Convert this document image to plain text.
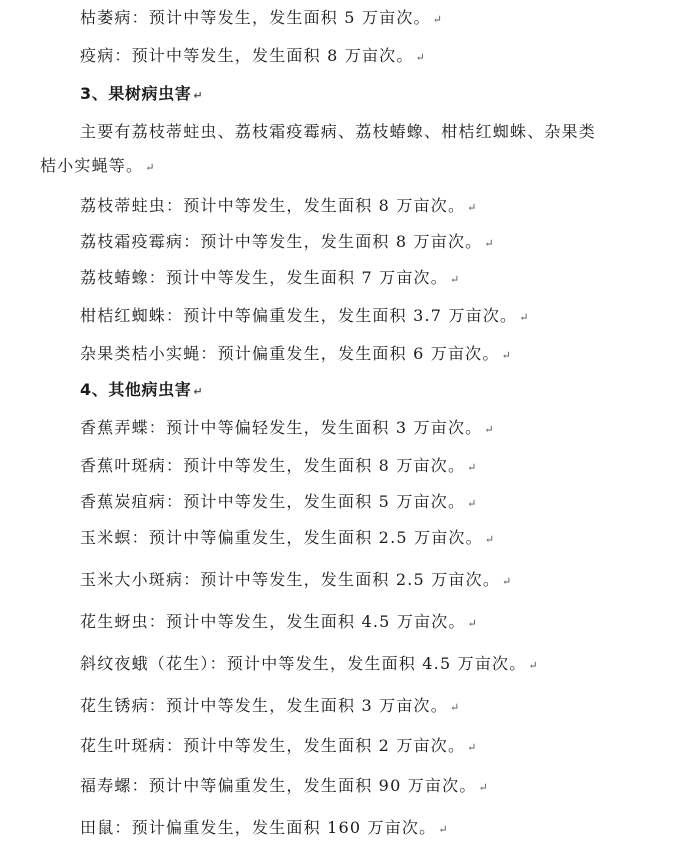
枯萎病：预计中等发生，发生面积 5 万亩次。 ↵
疫病：预计中等发生，发生面积 8 万亩次。 ↵
3、果树病虫害 ↵
主要有荔枝蒂蛀虫、荔枝霜疫霉病、荔枝蝽蟓、柑桔红蜘蛛、杂果类
桔小实蝇等。 ↵
荔枝蒂蛀虫：预计中等发生，发生面积 8 万亩次。 ↵
荔枝霜疫霉病：预计中等发生，发生面积 8 万亩次。 ↵
荔枝蝽蟓：预计中等发生，发生面积 7 万亩次。 ↵
柑桔红蜘蛛：预计中等偏重发生，发生面积 3.7 万亩次。 ↵
杂果类桔小实蝇：预计偏重发生，发生面积 6 万亩次。 ↵
4、其他病虫害 ↵
香蕉弄蝶：预计中等偏轻发生，发生面积 3 万亩次。 ↵
香蕉叶斑病：预计中等发生，发生面积 8 万亩次。 ↵
香蕉炭疽病：预计中等发生，发生面积 5 万亩次。 ↵
玉米螟：预计中等偏重发生，发生面积 2.5 万亩次。 ↵
玉米大小斑病：预计中等发生，发生面积 2.5 万亩次。 ↵
花生蚜虫：预计中等发生，发生面积 4.5 万亩次。 ↵
斜纹夜蛾（花生）：预计中等发生，发生面积 4.5 万亩次。 ↵
花生锈病：预计中等发生，发生面积 3 万亩次。 ↵
花生叶斑病：预计中等发生，发生面积 2 万亩次。 ↵
福寿螺：预计中等偏重发生，发生面积 90 万亩次。 ↵
田鼠：预计偏重发生，发生面积 160 万亩次。 ↵
